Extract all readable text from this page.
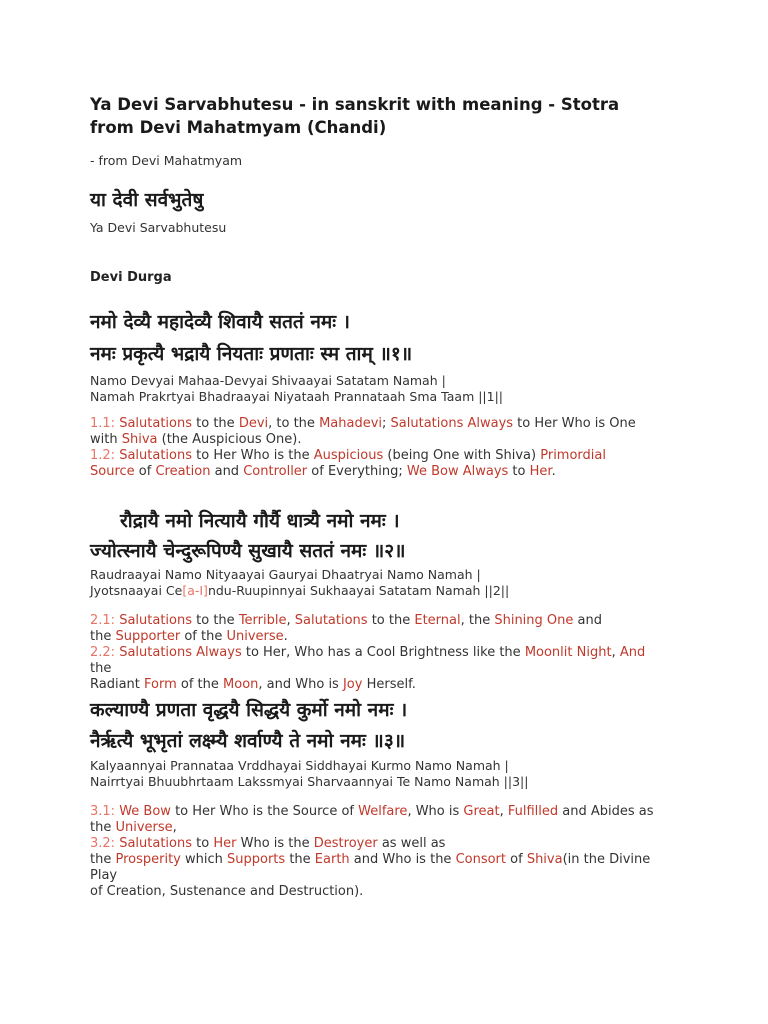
Ya Devi Sarvabhutesu - in sanskrit with meaning - Stotra
from Devi Mahatmyam (Chandi)
- from Devi Mahatmyam
या देवी सर्वभुतेषु
Ya Devi Sarvabhutesu
Devi Durga
नमो देव्यै महादेव्यै शिवायै सततं नमः ।
नमः प्रकृत्यै भद्रायै नियताः प्रणताः स्म ताम् ॥१॥
Namo Devyai Mahaa-Devyai Shivaayai Satatam Namah |
Namah Prakrtyai Bhadraayai Niyataah Prannataah Sma Taam ||1||
1.1: Salutations to the Devi, to the Mahadevi; Salutations Always to Her Who is One
with Shiva (the Auspicious One).
1.2: Salutations to Her Who is the Auspicious (being One with Shiva) Primordial
Source of Creation and Controller of Everything; We Bow Always to Her.
रौद्रायै नमो नित्यायै गौर्यै धात्र्यै नमो नमः ।
ज्योत्स्नायै चेन्दुरूपिण्यै सुखायै सततं नमः ॥२॥
Raudraayai Namo Nityaayai Gauryai Dhaatryai Namo Namah |
Jyotsnaayai Ce[a-I]ndu-Ruupinnyai Sukhaayai Satatam Namah ||2||
2.1: Salutations to the Terrible, Salutations to the Eternal, the Shining One and
the Supporter of the Universe.
2.2: Salutations Always to Her, Who has a Cool Brightness like the Moonlit Night, And the
Radiant Form of the Moon, and Who is Joy Herself.
कल्याण्यै प्रणता वृद्धयै सिद्धयै कुर्मो नमो नमः ।
नैरृत्यै भूभृतां लक्ष्म्यै शर्वाण्यै ते नमो नमः ॥३॥
Kalyaannyai Prannataa Vrddhayai Siddhayai Kurmo Namo Namah |
Nairrtyai Bhuubhrtaam Lakssmyai Sharvaannyai Te Namo Namah ||3||
3.1: We Bow to Her Who is the Source of Welfare, Who is Great, Fulfilled and Abides as
the Universe,
3.2: Salutations to Her Who is the Destroyer as well as
the Prosperity which Supports the Earth and Who is the Consort of Shiva(in the Divine Play
of Creation, Sustenance and Destruction).
